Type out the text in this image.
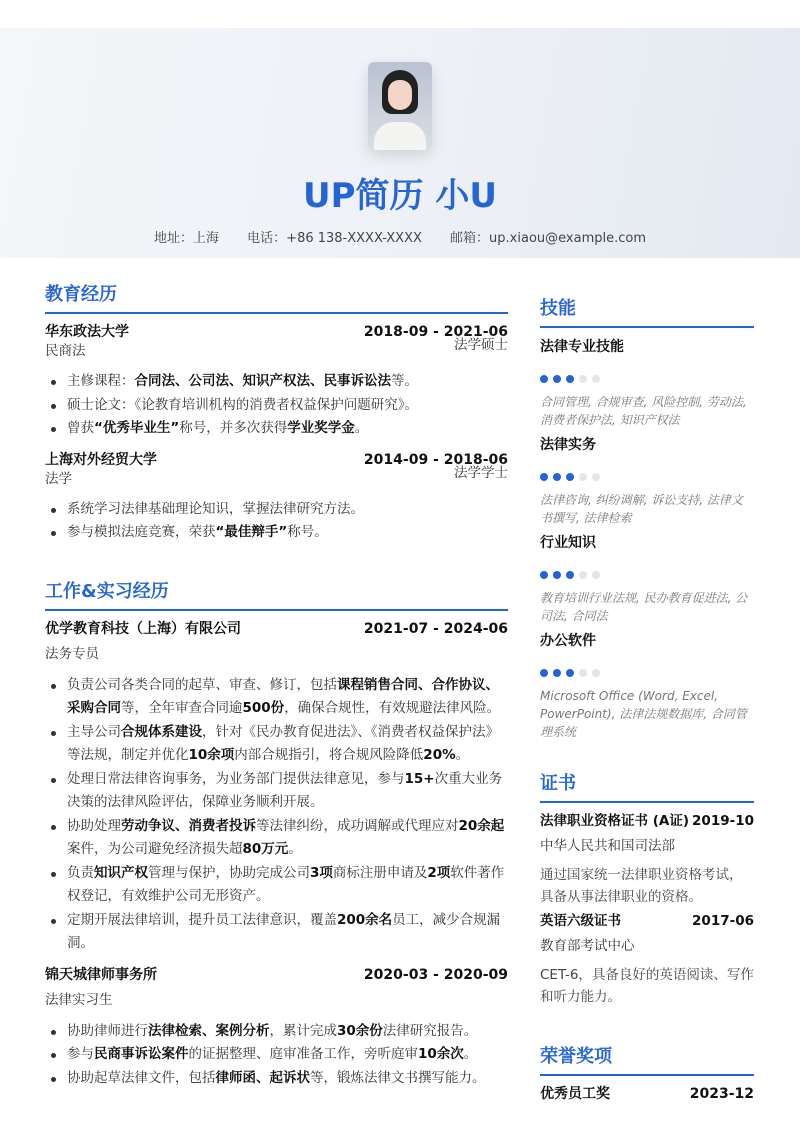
UP简历 小U
地址：上海 电话：+86 138-XXXX-XXXX 邮箱：up.xiaou@example.com
教育经历
华东政法大学	2018-09 - 2021-06
民商法	法学硕士
主修课程：合同法、公司法、知识产权法、民事诉讼法等。
硕士论文：《论教育培训机构的消费者权益保护问题研究》。
曾获“优秀毕业生”称号，并多次获得学业奖学金。
上海对外经贸大学	2014-09 - 2018-06
法学	法学学士
系统学习法律基础理论知识，掌握法律研究方法。
参与模拟法庭竞赛，荣获“最佳辩手”称号。
工作&实习经历
优学教育科技（上海）有限公司	2021-07 - 2024-06
法务专员
负责公司各类合同的起草、审查、修订，包括课程销售合同、合作协议、采购合同等，全年审查合同逾500份，确保合规性，有效规避法律风险。
主导公司合规体系建设，针对《民办教育促进法》、《消费者权益保护法》等法规，制定并优化10余项内部合规指引，将合规风险降低20%。
处理日常法律咨询事务，为业务部门提供法律意见，参与15+次重大业务决策的法律风险评估，保障业务顺利开展。
协助处理劳动争议、消费者投诉等法律纠纷，成功调解或代理应对20余起案件，为公司避免经济损失超80万元。
负责知识产权管理与保护，协助完成公司3项商标注册申请及2项软件著作权登记，有效维护公司无形资产。
定期开展法律培训，提升员工法律意识，覆盖200余名员工，减少合规漏洞。
锦天城律师事务所	2020-03 - 2020-09
法律实习生
协助律师进行法律检索、案例分析，累计完成30余份法律研究报告。
参与民商事诉讼案件的证据整理、庭审准备工作，旁听庭审10余次。
协助起草法律文件，包括律师函、起诉状等，锻炼法律文书撰写能力。
技能
法律专业技能
合同管理, 合规审查, 风险控制, 劳动法, 消费者保护法, 知识产权法
法律实务
法律咨询, 纠纷调解, 诉讼支持, 法律文书撰写, 法律检索
行业知识
教育培训行业法规, 民办教育促进法, 公司法, 合同法
办公软件
Microsoft Office (Word, Excel, PowerPoint), 法律法规数据库, 合同管理系统
证书
法律职业资格证书 (A证) 2019-10
中华人民共和国司法部
通过国家统一法律职业资格考试，具备从事法律职业的资格。
英语六级证书	2017-06
教育部考试中心
CET-6，具备良好的英语阅读、写作和听力能力。
荣誉奖项
优秀员工奖	2023-12
